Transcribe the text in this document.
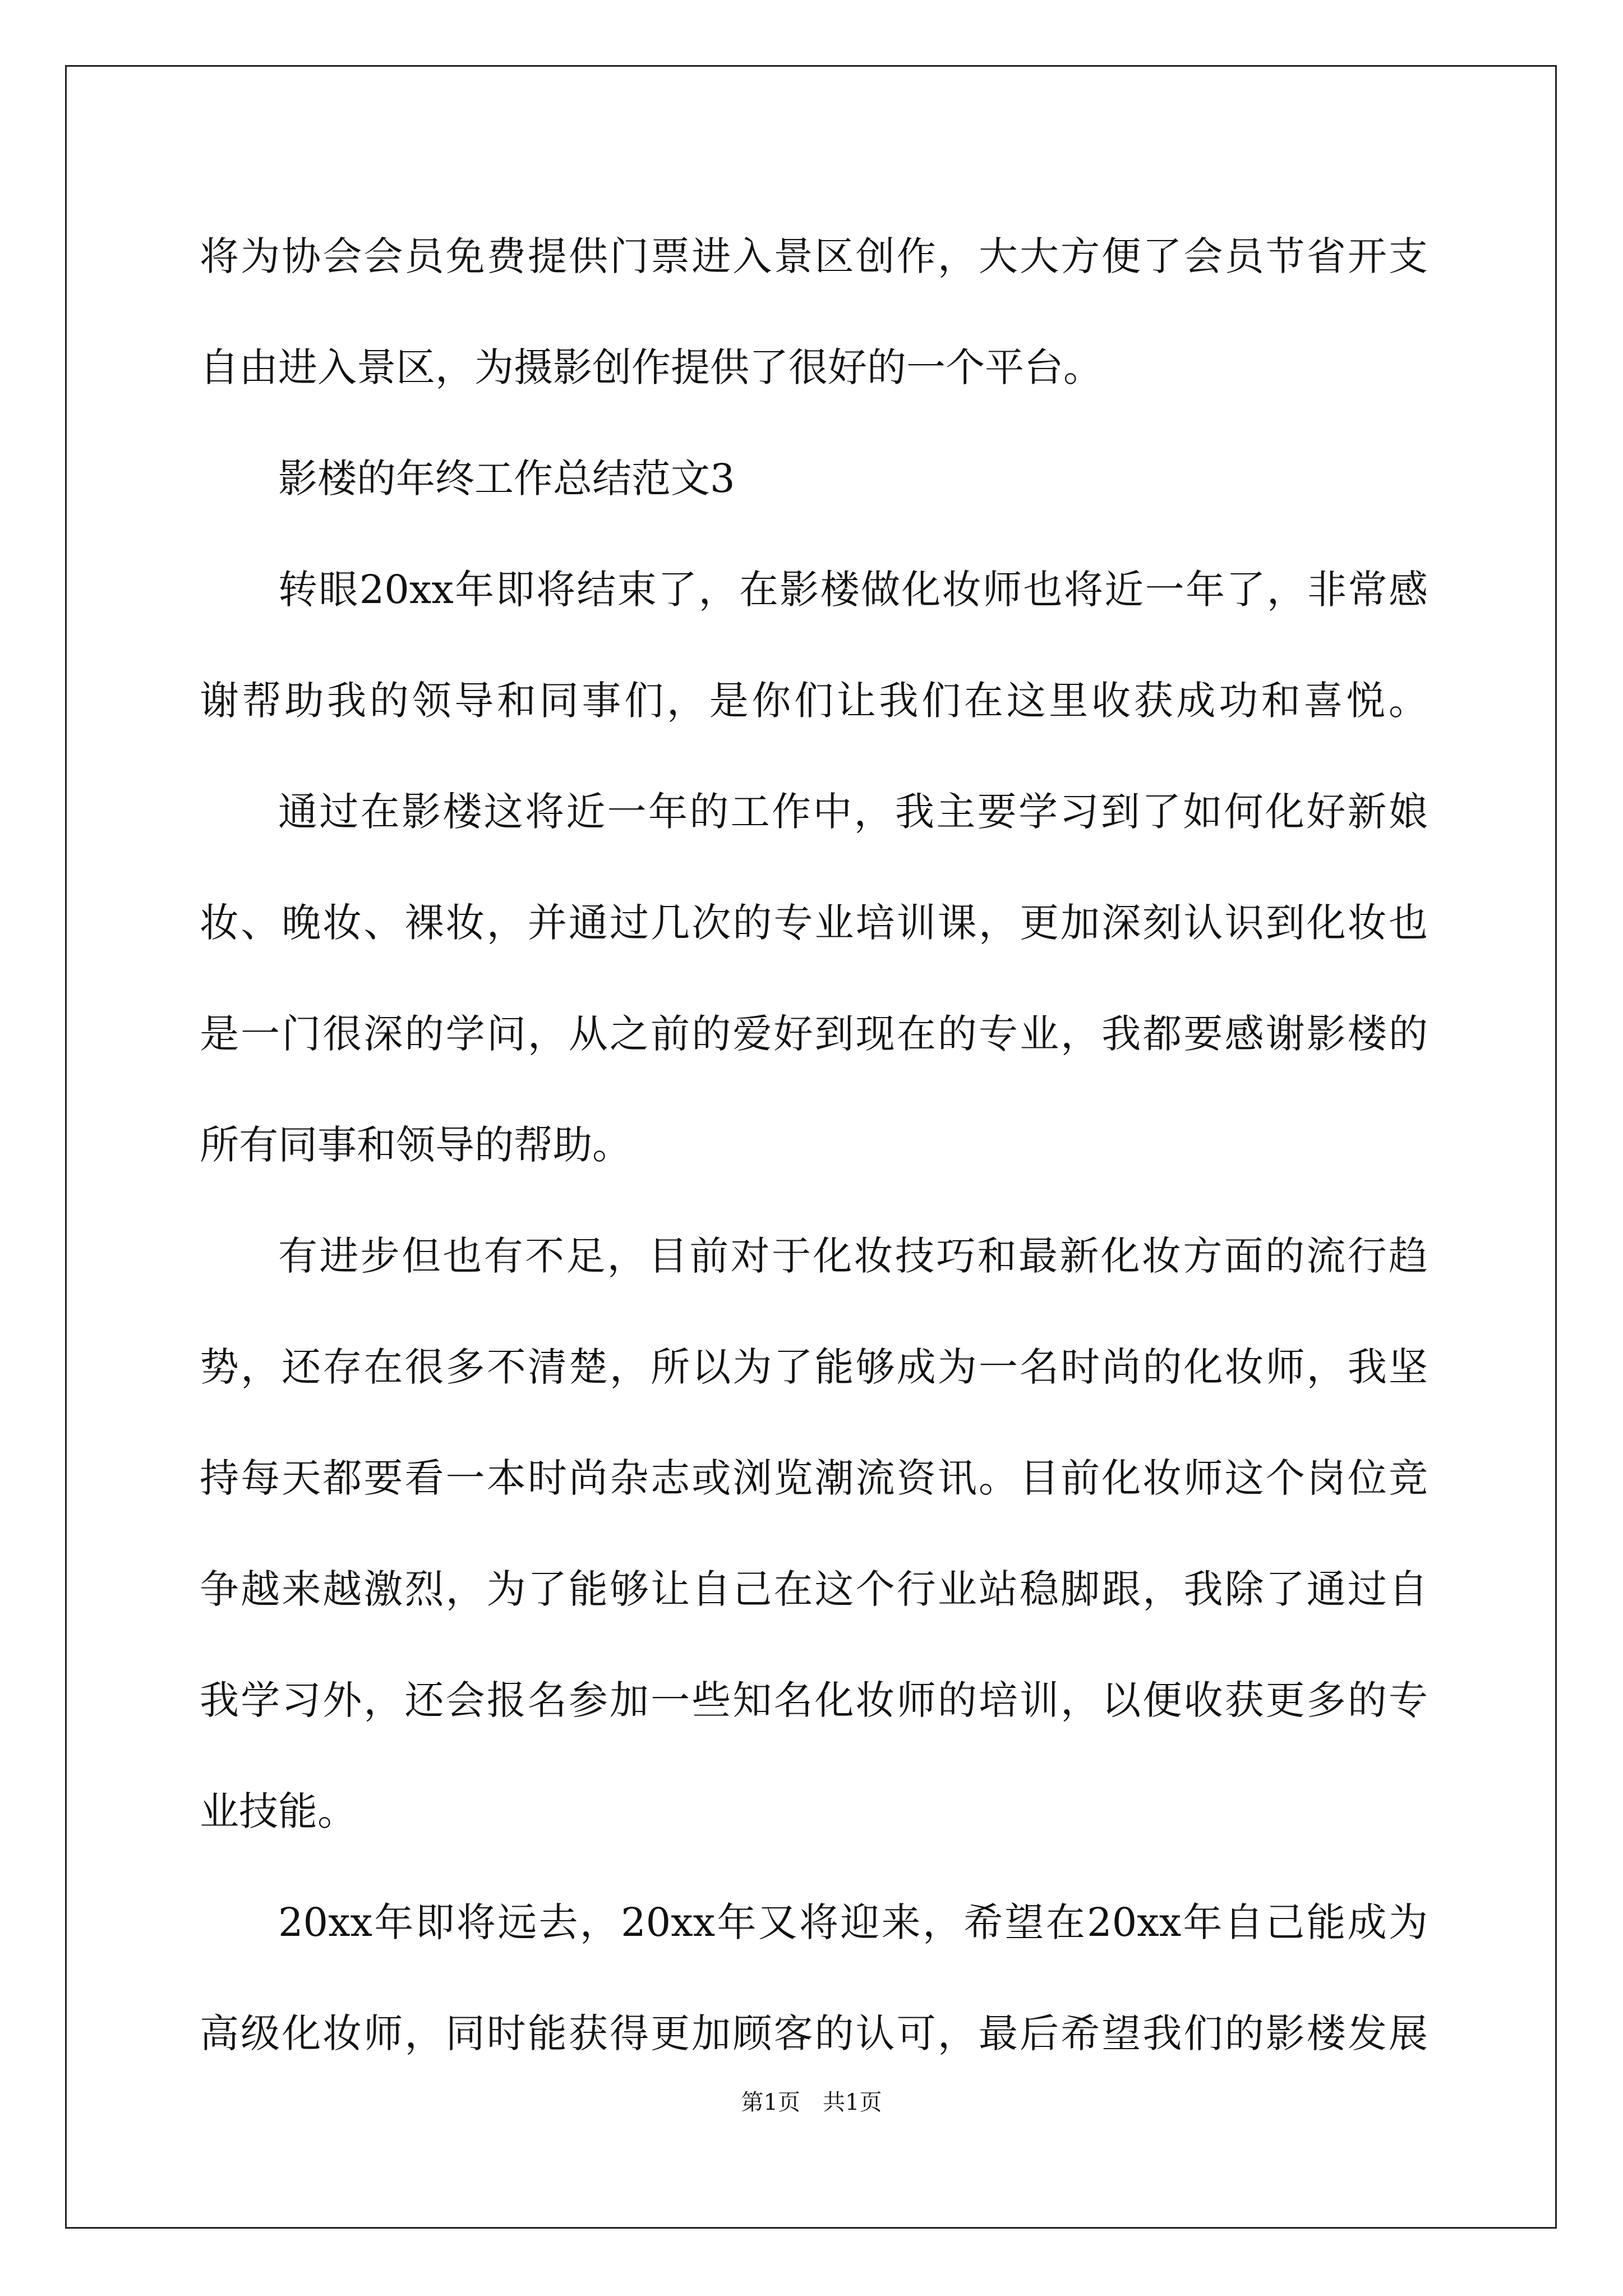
将为协会会员免费提供门票进入景区创作，大大方便了会员节省开支
自由进入景区，为摄影创作提供了很好的一个平台。
影楼的年终工作总结范文3
转眼20xx年即将结束了，在影楼做化妆师也将近一年了，非常感
谢帮助我的领导和同事们，是你们让我们在这里收获成功和喜悦。
通过在影楼这将近一年的工作中，我主要学习到了如何化好新娘
妆、晚妆、裸妆，并通过几次的专业培训课，更加深刻认识到化妆也
是一门很深的学问，从之前的爱好到现在的专业，我都要感谢影楼的
所有同事和领导的帮助。
有进步但也有不足，目前对于化妆技巧和最新化妆方面的流行趋
势，还存在很多不清楚，所以为了能够成为一名时尚的化妆师，我坚
持每天都要看一本时尚杂志或浏览潮流资讯。目前化妆师这个岗位竞
争越来越激烈，为了能够让自己在这个行业站稳脚跟，我除了通过自
我学习外，还会报名参加一些知名化妆师的培训，以便收获更多的专
业技能。
20xx年即将远去，20xx年又将迎来，希望在20xx年自己能成为
高级化妆师，同时能获得更加顾客的认可，最后希望我们的影楼发展
第1页 共1页
